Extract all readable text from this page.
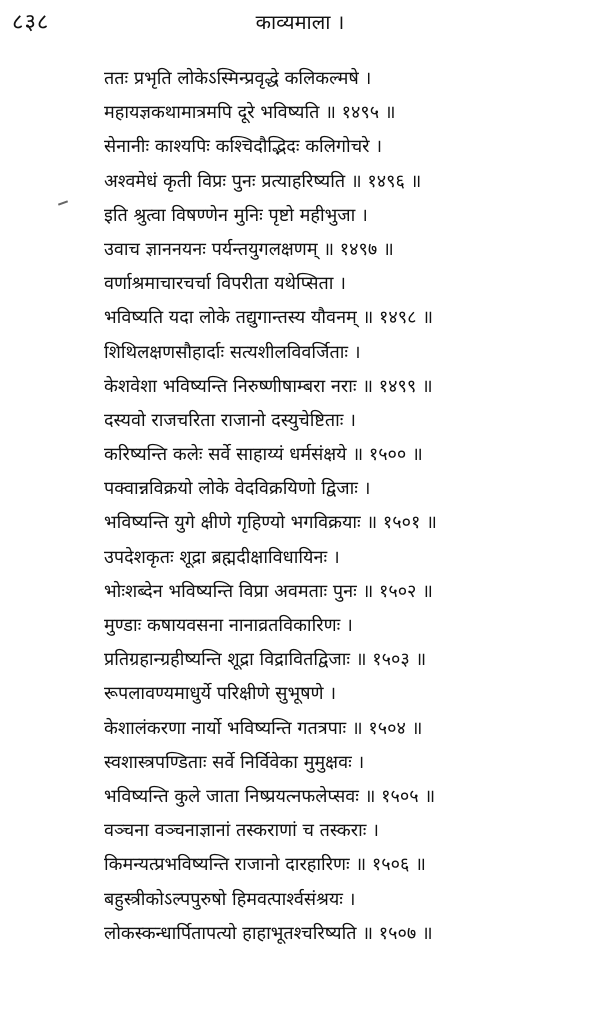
८३८	काव्यमाला ।
ततः प्रभृति लोकेऽस्मिन्प्रवृद्धे कलिकल्मषे ।
महायज्ञकथामात्रमपि दूरे भविष्यति ॥ १४९५ ॥
सेनानीः काश्यपिः कश्चिदौद्भिदः कलिगोचरे ।
अश्वमेधं कृती विप्रः पुनः प्रत्याहरिष्यति ॥ १४९६ ॥
इति श्रुत्वा विषण्णेन मुनिः पृष्टो महीभुजा ।
उवाच ज्ञाननयनः पर्यन्तयुगलक्षणम् ॥ १४९७ ॥
वर्णाश्रमाचारचर्चा विपरीता यथेप्सिता ।
भविष्यति यदा लोके तद्युगान्तस्य यौवनम् ॥ १४९८ ॥
शिथिलक्षणसौहार्दाः सत्यशीलविवर्जिताः ।
केशवेशा भविष्यन्ति निरुष्णीषाम्बरा नराः ॥ १४९९ ॥
दस्यवो राजचरिता राजानो दस्युचेष्टिताः ।
करिष्यन्ति कलेः सर्वे साहाय्यं धर्मसंक्षये ॥ १५०० ॥
पक्वान्नविक्रयो लोके वेदविक्रयिणो द्विजाः ।
भविष्यन्ति युगे क्षीणे गृहिण्यो भगविक्रयाः ॥ १५०१ ॥
उपदेशकृतः शूद्रा ब्रह्मदीक्षाविधायिनः ।
भोःशब्देन भविष्यन्ति विप्रा अवमताः पुनः ॥ १५०२ ॥
मुण्डाः कषायवसना नानाव्रतविकारिणः ।
प्रतिग्रहान्ग्रहीष्यन्ति शूद्रा विद्रावितद्विजाः ॥ १५०३ ॥
रूपलावण्यमाधुर्ये परिक्षीणे सुभूषणे ।
केशालंकरणा नार्यो भविष्यन्ति गतत्रपाः ॥ १५०४ ॥
स्वशास्त्रपण्डिताः सर्वे निर्विवेका मुमुक्षवः ।
भविष्यन्ति कुले जाता निष्प्रयत्नफलेप्सवः ॥ १५०५ ॥
वञ्चना वञ्चनाज्ञानां तस्कराणां च तस्कराः ।
किमन्यत्प्रभविष्यन्ति राजानो दारहारिणः ॥ १५०६ ॥
बहुस्त्रीकोऽल्पपुरुषो हिमवत्पार्श्वसंश्रयः ।
लोकस्कन्धार्पितापत्यो हाहाभूतश्चरिष्यति ॥ १५०७ ॥
